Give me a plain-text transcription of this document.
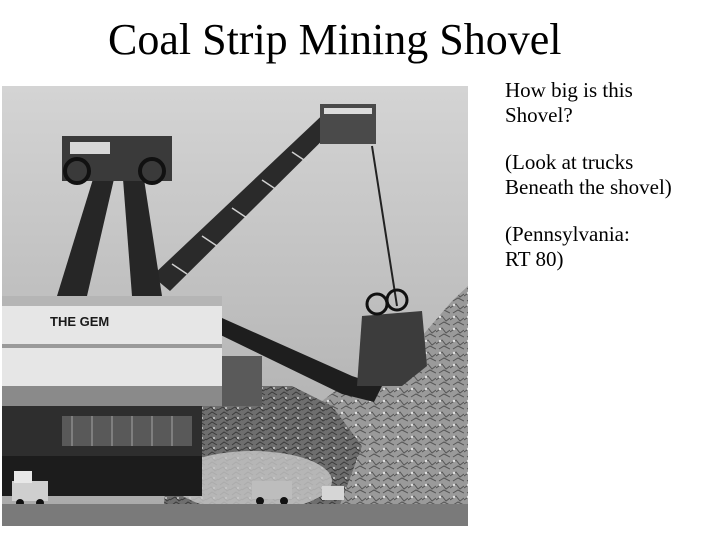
Coal Strip Mining Shovel
THE GEM

How big is this
Shovel?

(Look at trucks
Beneath the shovel)

(Pennsylvania:
RT 80)
